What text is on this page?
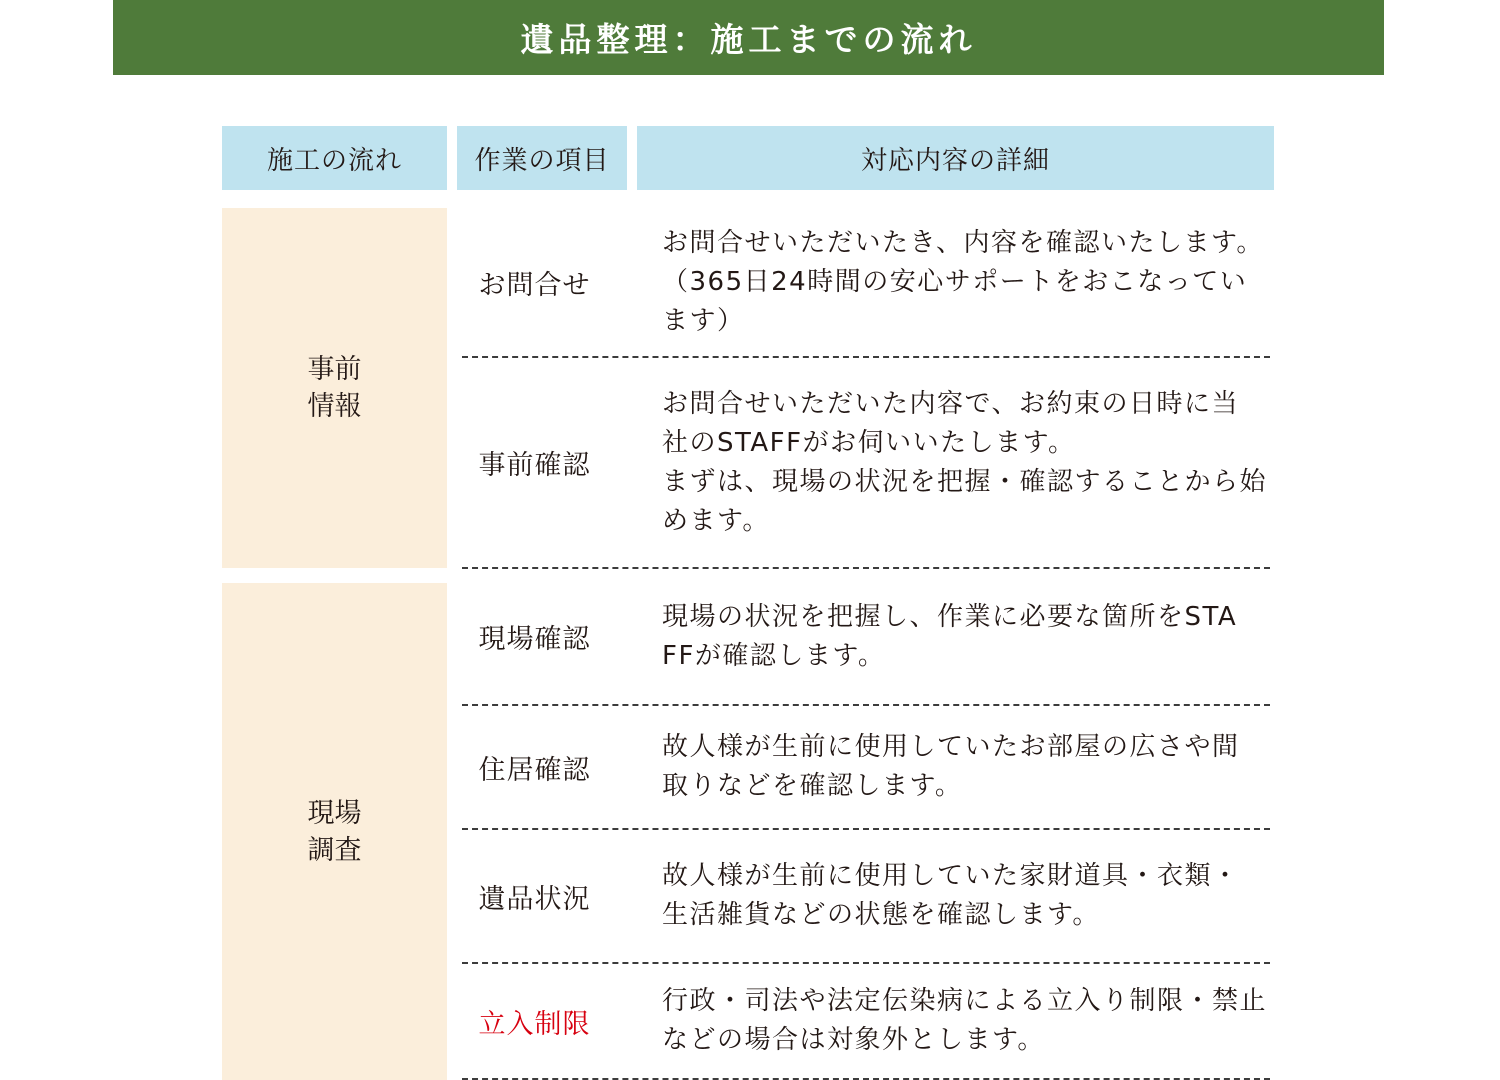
遺品整理：施工までの流れ
施工の流れ	作業の項目	対応内容の詳細
事前情報
現場調査
お問合せ
お問合せいただいたき、内容を確認いたします。
（365日24時間の安心サポートをおこなってい
ます）
事前確認
お問合せいただいた内容で、お約束の日時に当
社のSTAFFがお伺いいたします。
まずは、現場の状況を把握・確認することから始
めます。
現場確認
現場の状況を把握し、作業に必要な箇所をSTA
FFが確認します。
住居確認
故人様が生前に使用していたお部屋の広さや間
取りなどを確認します。
遺品状況
故人様が生前に使用していた家財道具・衣類・
生活雑貨などの状態を確認します。
立入制限
行政・司法や法定伝染病による立入り制限・禁止
などの場合は対象外とします。
